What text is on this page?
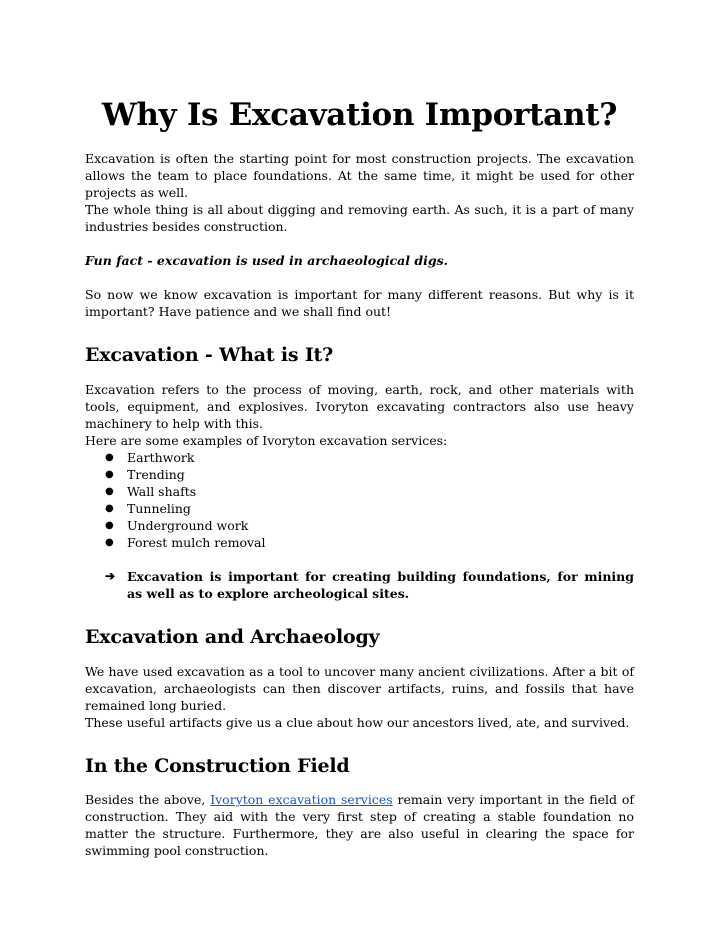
Why Is Excavation Important?

Excavation is often the starting point for most construction projects. The excavation allows the team to place foundations. At the same time, it might be used for other projects as well.

The whole thing is all about digging and removing earth. As such, it is a part of many industries besides construction.

Fun fact - excavation is used in archaeological digs.

So now we know excavation is important for many different reasons. But why is it important? Have patience and we shall find out!

Excavation - What is It?

Excavation refers to the process of moving, earth, rock, and other materials with tools, equipment, and explosives. Ivoryton excavating contractors also use heavy machinery to help with this.

Here are some examples of Ivoryton excavation services:

● Earthwork
● Trending
● Wall shafts
● Tunneling
● Underground work
● Forest mulch removal
➔ Excavation is important for creating building foundations, for mining as well as to explore archeological sites.
Excavation and Archaeology

We have used excavation as a tool to uncover many ancient civilizations. After a bit of excavation, archaeologists can then discover artifacts, ruins, and fossils that have remained long buried.

These useful artifacts give us a clue about how our ancestors lived, ate, and survived.

In the Construction Field

Besides the above, Ivoryton excavation services remain very important in the field of construction. They aid with the very first step of creating a stable foundation no matter the structure. Furthermore, they are also useful in clearing the space for swimming pool construction.
